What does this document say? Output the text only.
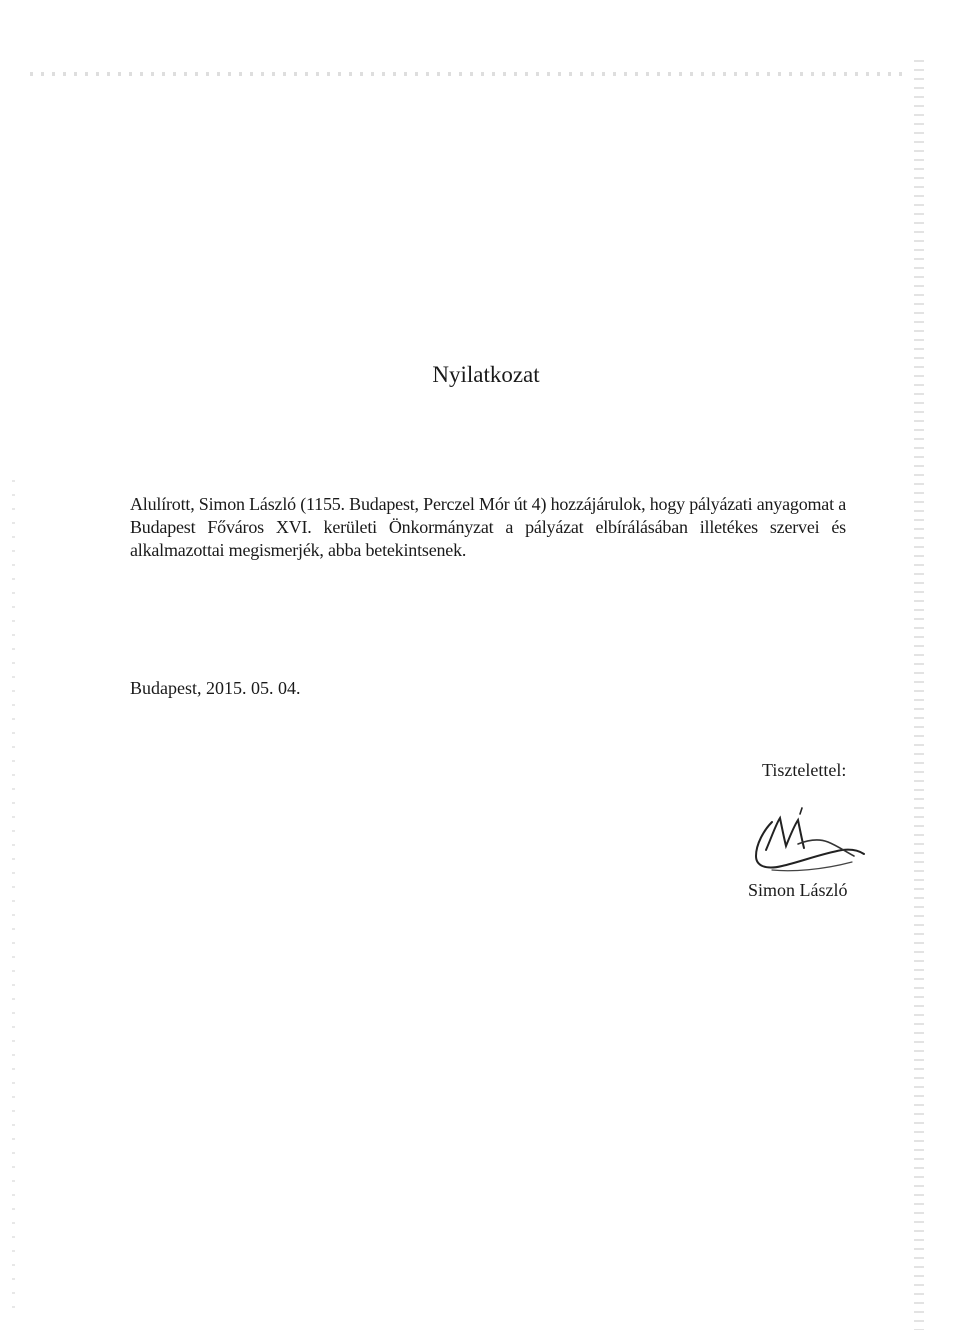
Nyilatkozat

Alulírott, Simon László (1155. Budapest, Perczel Mór út 4) hozzájárulok, hogy pályázati anyagomat a Budapest Főváros XVI. kerületi Önkormányzat a pályázat elbírálásában illetékes szervei és alkalmazottai megismerjék, abba betekintsenek.

Budapest, 2015. 05. 04.

Tisztelettel:

Simon László
